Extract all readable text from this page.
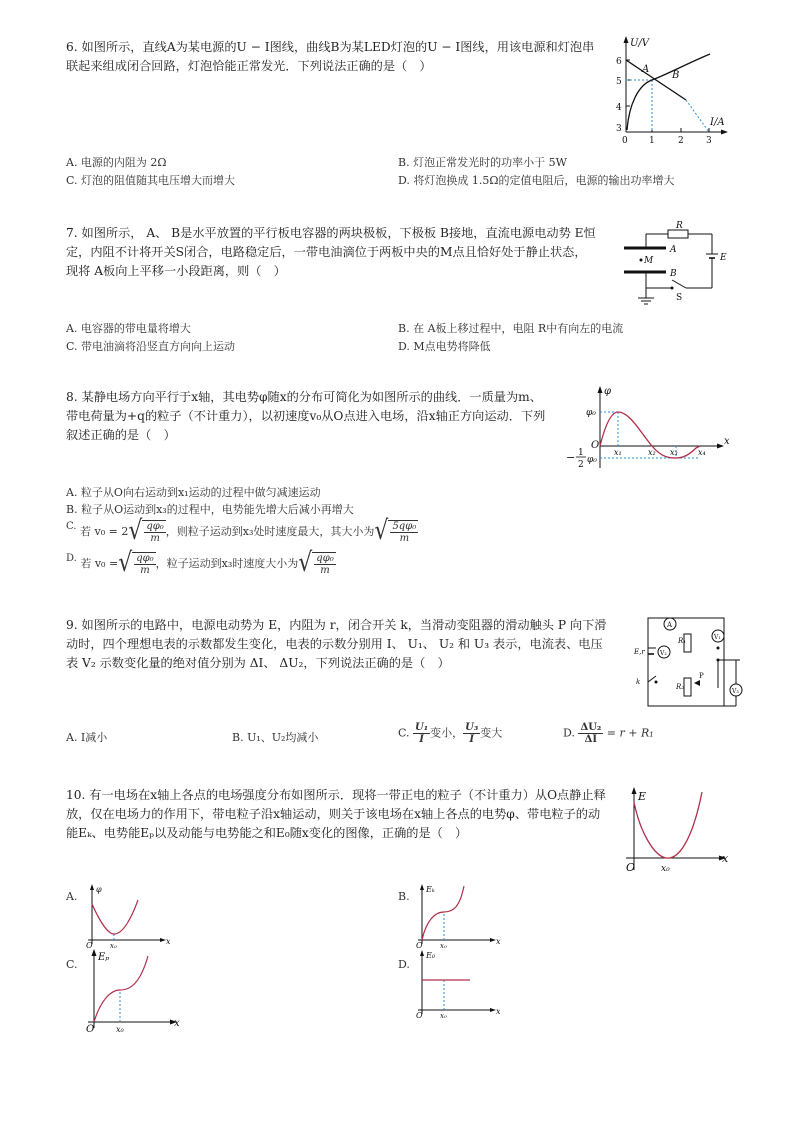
6. 如图所示，直线A为某电源的U − I图线，曲线B为某LED灯泡的U − I图线，用该电源和灯泡串联起来组成闭合回路，灯泡恰能正常发光．下列说法正确的是（　）
U/V
I/A
A
B
6
5
4
3
0 1	2 3
A. 电源的内阻为 2Ω	B. 灯泡正常发光时的功率小于 5W
C. 灯泡的阻值随其电压增大而增大	D. 将灯泡换成 1.5Ω的定值电阻后，电源的输出功率增大
7. 如图所示， A、 B是水平放置的平行板电容器的两块极板，下极板 B接地，直流电源电动势 E恒定，内阻不计将开关S闭合，电路稳定后，一带电油滴位于两板中央的M点且恰好处于静止状态，现将 A板向上平移一小段距离，则（　）
R
A
M
B
E
S
A. 电容器的带电量将增大	B. 在 A板上移过程中，电阻 R中有向左的电流
C. 带电油滴将沿竖直方向向上运动	D. M点电势将降低
8. 某静电场方向平行于x轴，其电势φ随x的分布可简化为如图所示的曲线．一质量为m、带电荷量为+q的粒子（不计重力），以初速度v₀从O点进入电场，沿x轴正方向运动．下列叙述正确的是（　）
φ
φ₀
− 1
2 φ₀
O	x
x₁	x₂ x₃	x₄
A. 粒子从O向右运动到x₁运动的过程中做匀减速运动
B. 粒子从O运动到x₃的过程中，电势能先增大后减小再增大
C. 若 $v_0 = 2√ \frac{\text{qφ₀}}{m}$ ，则粒子运动到x₃处时速度最大，其大小为√ $\frac{\text{5qφ₀}}{m}$
D. 若 v₀ =√ $\frac{\text{qφ₀}}{m}$ ，粒子运动到x₃时速度大小为√ $\frac{\text{qφ₀}}{m}$
9. 如图所示的电路中，电源电动势为 E，内阻为 r，闭合开关 k，当滑动变阻器的滑动触头 P 向下滑动时，四个理想电表的示数都发生变化，电表的示数分别用 I、 U₁、 U₂ 和 U₃ 表示，电流表、电压表 V₂ 示数变化量的绝对值分别为 ΔI、 ΔU₂，下列说法正确的是（　）
A
R₁	V₁
V₂
V₃
E,r
P
R₂
k
A. I减小	B. U₁、U₂均减小	C. $\frac{\text{U₁}}{I}$ 变小， $\frac{\text{U₃}}{I}$ 变大	D. $\frac{\text{ΔU₂}}{\Delta I} = r + R_1$
10. 有一电场在x轴上各点的电场强度分布如图所示．现将一带正电的粒子（不计重力）从O点静止释放，仅在电场力的作用下，带电粒子沿x轴运动，则关于该电场在x轴上各点的电势φ、带电粒子的动能Eₖ、电势能Eₚ以及动能与电势能之和E₀随x变化的图像，正确的是（　）
E
O
x
x₀
A.
φ
O x₀	x
B.
Eₖ
O x₀	x
C.
Eₚ
O	x₀
x
D.
E₀
O x₀	x
